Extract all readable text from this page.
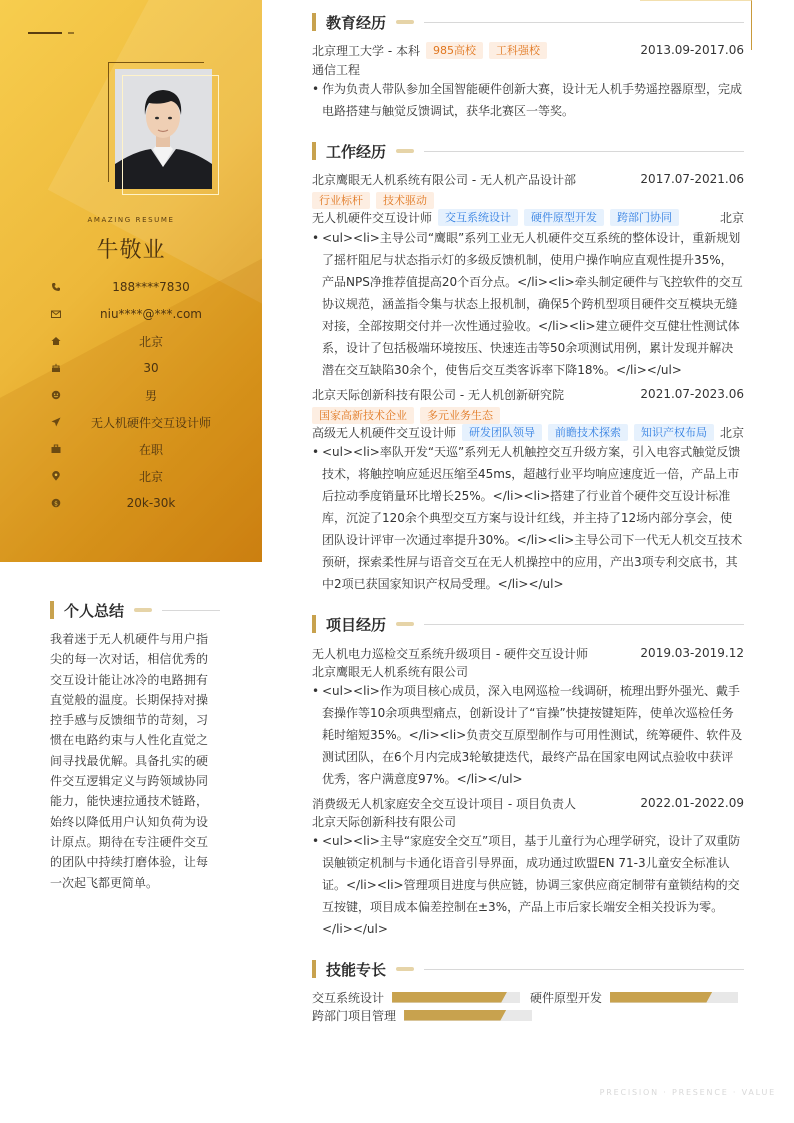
AMAZING RESUME
牛敬业
188****7830
niu****@***.com
北京
30
男
无人机硬件交互设计师
在职
北京
$	20k-30k
个人总结
我着迷于无人机硬件与用户指尖的每一次对话，相信优秀的交互设计能让冰冷的电路拥有直觉般的温度。长期保持对操控手感与反馈细节的苛刻，习惯在电路约束与人性化直觉之间寻找最优解。具备扎实的硬件交互逻辑定义与跨领域协同能力，能快速拉通技术链路，始终以降低用户认知负荷为设计原点。期待在专注硬件交互的团队中持续打磨体验，让每一次起飞都更简单。
教育经历
北京理工大学 - 本科	985高校	工科强校	2013.09-2017.06
通信工程
• 作为负责人带队参加全国智能硬件创新大赛，设计无人机手势遥控器原型，完成电路搭建与触觉反馈调试，获华北赛区一等奖。
工作经历
北京鹰眼无人机系统有限公司 - 无人机产品设计部	2017.07-2021.06
行业标杆	技术驱动
无人机硬件交互设计师	交互系统设计	硬件原型开发	跨部门协同	北京
• <ul><li>主导公司“鹰眼”系列工业无人机硬件交互系统的整体设计，重新规划了摇杆阻尼与状态指示灯的多级反馈机制，使用户操作响应直观性提升35%，产品NPS净推荐值提高20个百分点。</li><li>牵头制定硬件与飞控软件的交互协议规范，涵盖指令集与状态上报机制，确保5个跨机型项目硬件交互模块无缝对接，全部按期交付并一次性通过验收。</li><li>建立硬件交互健壮性测试体系，设计了包括极端环境按压、快速连击等50余项测试用例，累计发现并解决潜在交互缺陷30余个，使售后交互类客诉率下降18%。</li></ul>
北京天际创新科技有限公司 - 无人机创新研究院	2021.07-2023.06
国家高新技术企业	多元业务生态
高级无人机硬件交互设计师	研发团队领导	前瞻技术探索	知识产权布局	北京
• <ul><li>率队开发“天巡”系列无人机触控交互升级方案，引入电容式触觉反馈技术，将触控响应延迟压缩至45ms，超越行业平均响应速度近一倍，产品上市后拉动季度销量环比增长25%。</li><li>搭建了行业首个硬件交互设计标准库，沉淀了120余个典型交互方案与设计红线，并主持了12场内部分享会，使团队设计评审一次通过率提升30%。</li><li>主导公司下一代无人机交互技术预研，探索柔性屏与语音交互在无人机操控中的应用，产出3项专利交底书，其中2项已获国家知识产权局受理。</li></ul>
项目经历
无人机电力巡检交互系统升级项目 - 硬件交互设计师	2019.03-2019.12
北京鹰眼无人机系统有限公司
• <ul><li>作为项目核心成员，深入电网巡检一线调研，梳理出野外强光、戴手套操作等10余项典型痛点，创新设计了“盲操”快捷按键矩阵，使单次巡检任务耗时缩短35%。</li><li>负责交互原型制作与可用性测试，统筹硬件、软件及测试团队，在6个月内完成3轮敏捷迭代，最终产品在国家电网试点验收中获评优秀，客户满意度97%。</li></ul>
消费级无人机家庭安全交互设计项目 - 项目负责人	2022.01-2022.09
北京天际创新科技有限公司
• <ul><li>主导“家庭安全交互”项目，基于儿童行为心理学研究，设计了双重防误触锁定机制与卡通化语音引导界面，成功通过欧盟EN 71-3儿童安全标准认证。</li><li>管理项目进度与供应链，协调三家供应商定制带有童锁结构的交互按键，项目成本偏差控制在±3%，产品上市后家长端安全相关投诉为零。</li></ul>
技能专长
交互系统设计	硬件原型开发
跨部门项目管理
PRECISION · PRESENCE · VALUE
